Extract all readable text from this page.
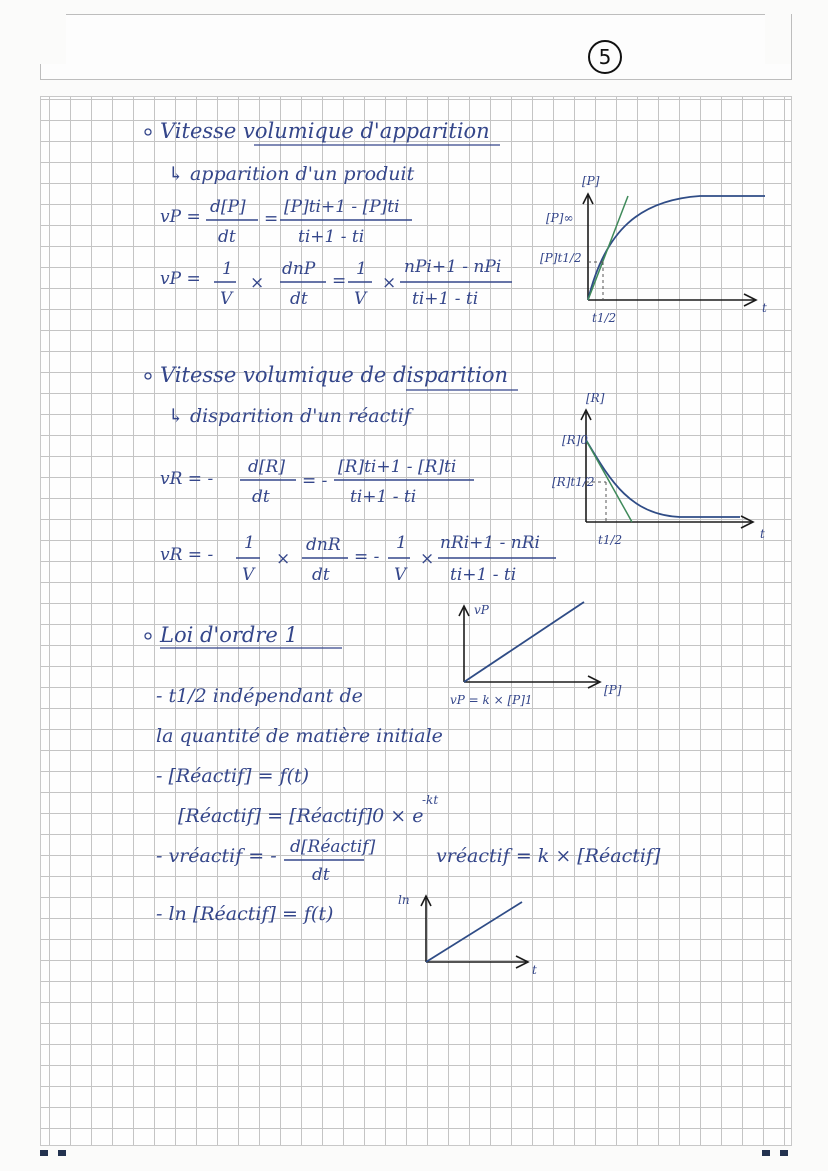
5
Vitesse volumique d'apparition
↳ apparition d'un produit
vP = d[P]
dt
=
[P]ti+1 - [P]ti
ti+1 - ti
vP = 1
V
×
dnP
dt
=
1
V
×
nPi+1 - nPi
ti+1 - ti
[P]
[P]∞
[P]t1/2
t
t1/2
Vitesse volumique de disparition
↳ disparition d'un réactif
vR = -
d[R]
dt
= -
[R]ti+1 - [R]ti
ti+1 - ti
vR = -
1
V
×
dnR
dt
= -
1
V
×
nRi+1 - nRi
ti+1 - ti
[R]
[R]0
[R]t1/2
t
t1/2
Loi d'ordre 1
vP
[P]
vP = k × [P]1
- t1/2 indépendant de
la quantité de matière initiale
- [Réactif] = f(t)
[Réactif] = [Réactif]0 × e
-kt
- vréactif = - d[Réactif]
dt
vréactif = k × [Réactif]
- ln [Réactif] = f(t)
ln
t
